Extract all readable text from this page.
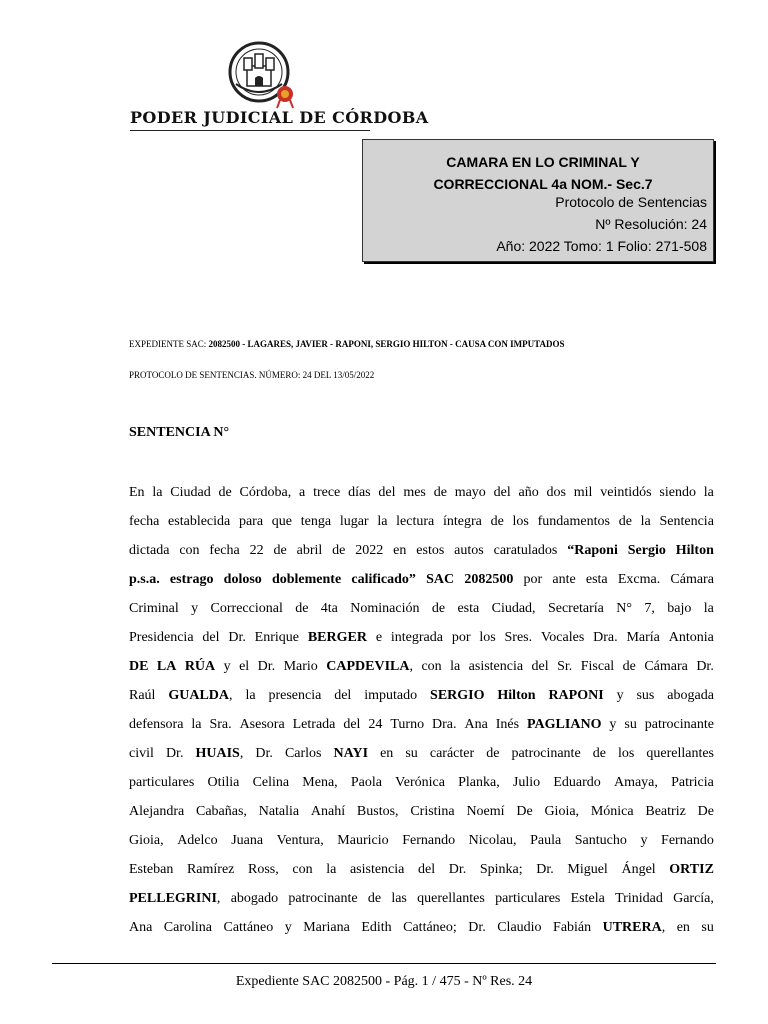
PODER JUDICIAL DE CÓRDOBA
CAMARA EN LO CRIMINAL Y
CORRECCIONAL 4a NOM.- Sec.7
Protocolo de Sentencias
Nº Resolución: 24
Año: 2022 Tomo: 1 Folio: 271-508
EXPEDIENTE SAC: 2082500 - LAGARES, JAVIER - RAPONI, SERGIO HILTON - CAUSA CON IMPUTADOS
PROTOCOLO DE SENTENCIAS. NÚMERO: 24 DEL 13/05/2022
SENTENCIA N°
En la Ciudad de Córdoba, a trece días del mes de mayo del año dos mil veintidós siendo la
fecha establecida para que tenga lugar la lectura íntegra de los fundamentos de la Sentencia
dictada con fecha 22 de abril de 2022 en estos autos caratulados “Raponi Sergio Hilton
p.s.a. estrago doloso doblemente calificado” SAC 2082500 por ante esta Excma. Cámara
Criminal y Correccional de 4ta Nominación de esta Ciudad, Secretaría N° 7, bajo la
Presidencia del Dr. Enrique BERGER e integrada por los Sres. Vocales Dra. María Antonia
DE LA RÚA y el Dr. Mario CAPDEVILA, con la asistencia del Sr. Fiscal de Cámara Dr.
Raúl GUALDA, la presencia del imputado SERGIO Hilton RAPONI y sus abogada
defensora la Sra. Asesora Letrada del 24 Turno Dra. Ana Inés PAGLIANO y su patrocinante
civil Dr. HUAIS, Dr. Carlos NAYI en su carácter de patrocinante de los querellantes
particulares Otilia Celina Mena, Paola Verónica Planka, Julio Eduardo Amaya, Patricia
Alejandra Cabañas, Natalia Anahí Bustos, Cristina Noemí De Gioia, Mónica Beatriz De
Gioia, Adelco Juana Ventura, Mauricio Fernando Nicolau, Paula Santucho y Fernando
Esteban Ramírez Ross, con la asistencia del Dr. Spinka; Dr. Miguel Ángel ORTIZ
PELLEGRINI, abogado patrocinante de las querellantes particulares Estela Trinidad García,
Ana Carolina Cattáneo y Mariana Edith Cattáneo; Dr. Claudio Fabián UTRERA, en su
Expediente SAC 2082500 - Pág. 1 / 475 - Nº Res. 24
